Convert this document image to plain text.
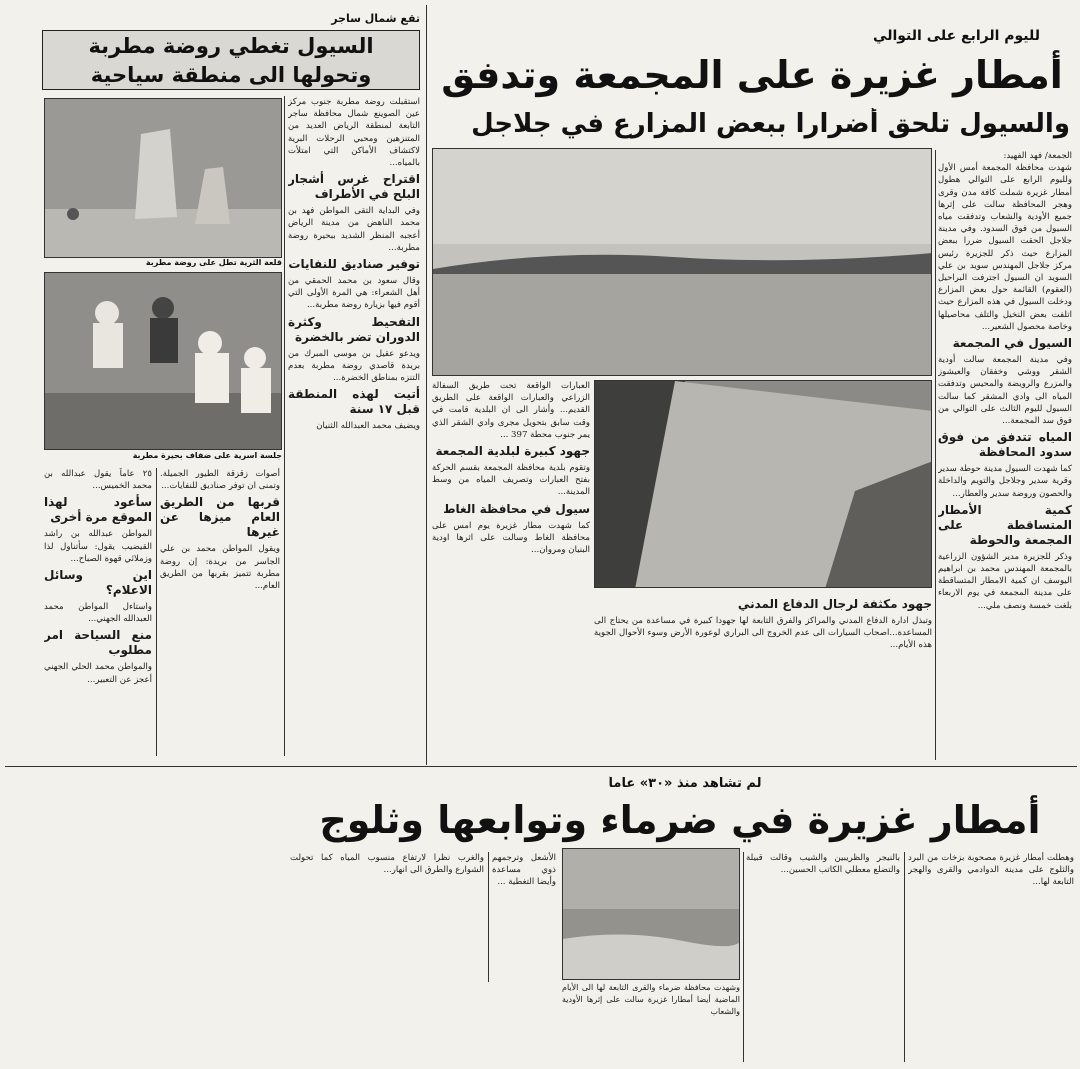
تقع شمال ساجر
السيول تغطي روضة مطربة وتحولها الى منطقة سياحية
قلعة الثرية تطل على روضة مطربة
جلسة اسرية على ضفاف بحيرة مطربة
استقبلت روضة مطربة جنوب مركز عين الصوينع شمال محافظة ساجر التابعة لمنطقة الرياض العديد من المتنزهين ومحبي الرحلات البرية لاكتشاف الأماكن التي امتلأت بالمياه...
اقتراح غرس أشجار البلح في الأطراف
وفي البداية التقى المواطن فهد بن محمد الناهض من مدينة الرياض أعجبه المنظر الشديد ببحيرة روضة مطربة...
توفير صناديق للنفايات
وقال سعود بن محمد الحمقي من أهل الشعراء: هي المرة الأولى التي أقوم فيها بزيارة روضة مطربة...
التفحيط وكثرة الدوران تضر بالخضرة
ويدعو عقيل بن موسى المبرك من بريدة قاصدي روضة مطربة بعدم التنزه بمناطق الخضرة...
أتيت لهذه المنطقة قبل ١٧ سنة
ويضيف محمد العبدالله الثنيان
أصوات زقزقة الطيور الجميلة. وتمنى ان توفر صناديق للنفايات...
قربها من الطريق العام ميزها عن غيرها
ويقول المواطن محمد بن علي الجاسر من بريدة: إن روضة مطربة تتميز بقربها من الطريق العام...
٢٥ عاماً يقول عبدالله بن محمد الخميس...
سأعود لهذا الموقع مرة أخرى
المواطن عبدالله بن راشد القيضيب يقول: سأتناول لذا وزملائي قهوة الصباح...
اين وسائل الاعلام؟
واستاءل المواطن محمد العبدالله الجهني...
منع السياحة امر مطلوب
والمواطن محمد الحلي الجهني أعجز عن التعبير...
لليوم الرابع على التوالي
أمطار غزيرة على المجمعة وتدفق
والسيول تلحق أضرارا ببعض المزارع في جلاجل
الجمعة/ فهد الفهيد:
شهدت محافظة المجمعة أمس الأول ولليوم الرابع على التوالي هطول أمطار غزيرة شملت كافة مدن وقرى وهجر المحافظة سالت على إثرها جميع الأودية والشعاب وتدفقت مياه السيول من فوق السدود. وفي مدينة جلاجل الحقت السيول ضررا ببعض المزارع حيث ذكر للجزيرة رئيس مركز جلاجل المهندس سويد بن علي السويد ان السيول اجترفت البراحيل (العقوم) القائمة حول بعض المزارع ودخلت السيول في هذه المزارع حيث اتلفت بعض النخيل والتلف محاصيلها وخاصة محصول الشعير...
السيول في المجمعة
وفي مدينة المجمعة سالت أودية الشقر ووشي وخفقان والعيشوز والمزرع والرويضة والمحيس وتدفقت المياه الى وادي المشقر كما سالت السيول لليوم الثالث على التوالي من فوق سد المجمعة...
المياه تتدفق من فوق سدود المحافظة
كما شهدت السيول مدينة حوطة سدير وقرية سدير وجلاجل والتويم والداخلة والحصون وروضة سدير والعطار...
كمية الأمطار المتساقطة على المجمعة والحوطة
وذكر للجزيرة مدير الشؤون الزراعية بالمجمعة المهندس محمد بن ابراهيم اليوسف ان كمية الامطار المتساقطة على مدينة المجمعة في يوم الاربعاء بلغت خمسة ونصف ملي...
العبارات الواقعة تحت طريق السفالة الزراعي والعبارات الواقعة على الطريق القديم... وأشار الى ان البلدية قامت في وقت سابق بتحويل مجرى وادي الشقر الذي يمر جنوب محطة 397 ...
جهود كبيرة لبلدية المجمعة
وتقوم بلدية محافظة المجمعة بقسم الحركة بفتح العبارات وتصريف المياه من وسط المدينة...
سيول في محافظة الغاط
كما شهدت مطار غزيرة يوم امس على محافظة الغاط وسالت على اثرها اودية البنيان ومروان...
جهود مكثفة لرجال الدفاع المدني
وتبذل ادارة الدفاع المدني والمراكز والفرق التابعة لها جهودا كبيرة في مساعدة من يحتاج الى المساعدة...اصحاب السيارات الى عدم الخروج الى البراري لوعورة الأرض وسوء الأحوال الجوية هذه الأيام...
لم تشاهد منذ «٣٠» عاماً
أمطار غزيرة في ضرماء وتوابعها وثلوج
وشهدت محافظة ضرماء والقرى التابعة لها الى الأيام الماضية أيضا أمطارا غزيرة سالت على إثرها الأودية والشعاب
وهطلت أمطار غزيرة مصحوبة بزخات من البرد والثلوج على مدينة الدوادمي والقرى والهجر التابعة لها...
بالنيجر والظريبين والشيب وقالت قبيلة والتضلع معطلي الكاتب الحسين...
الأشعل وترجمهم ذوي مساعدة وأيضا التغطية ...
والغرب نظرا لارتفاع منسوب المياه كما تحولت الشوارع والطرق الى انهار...
